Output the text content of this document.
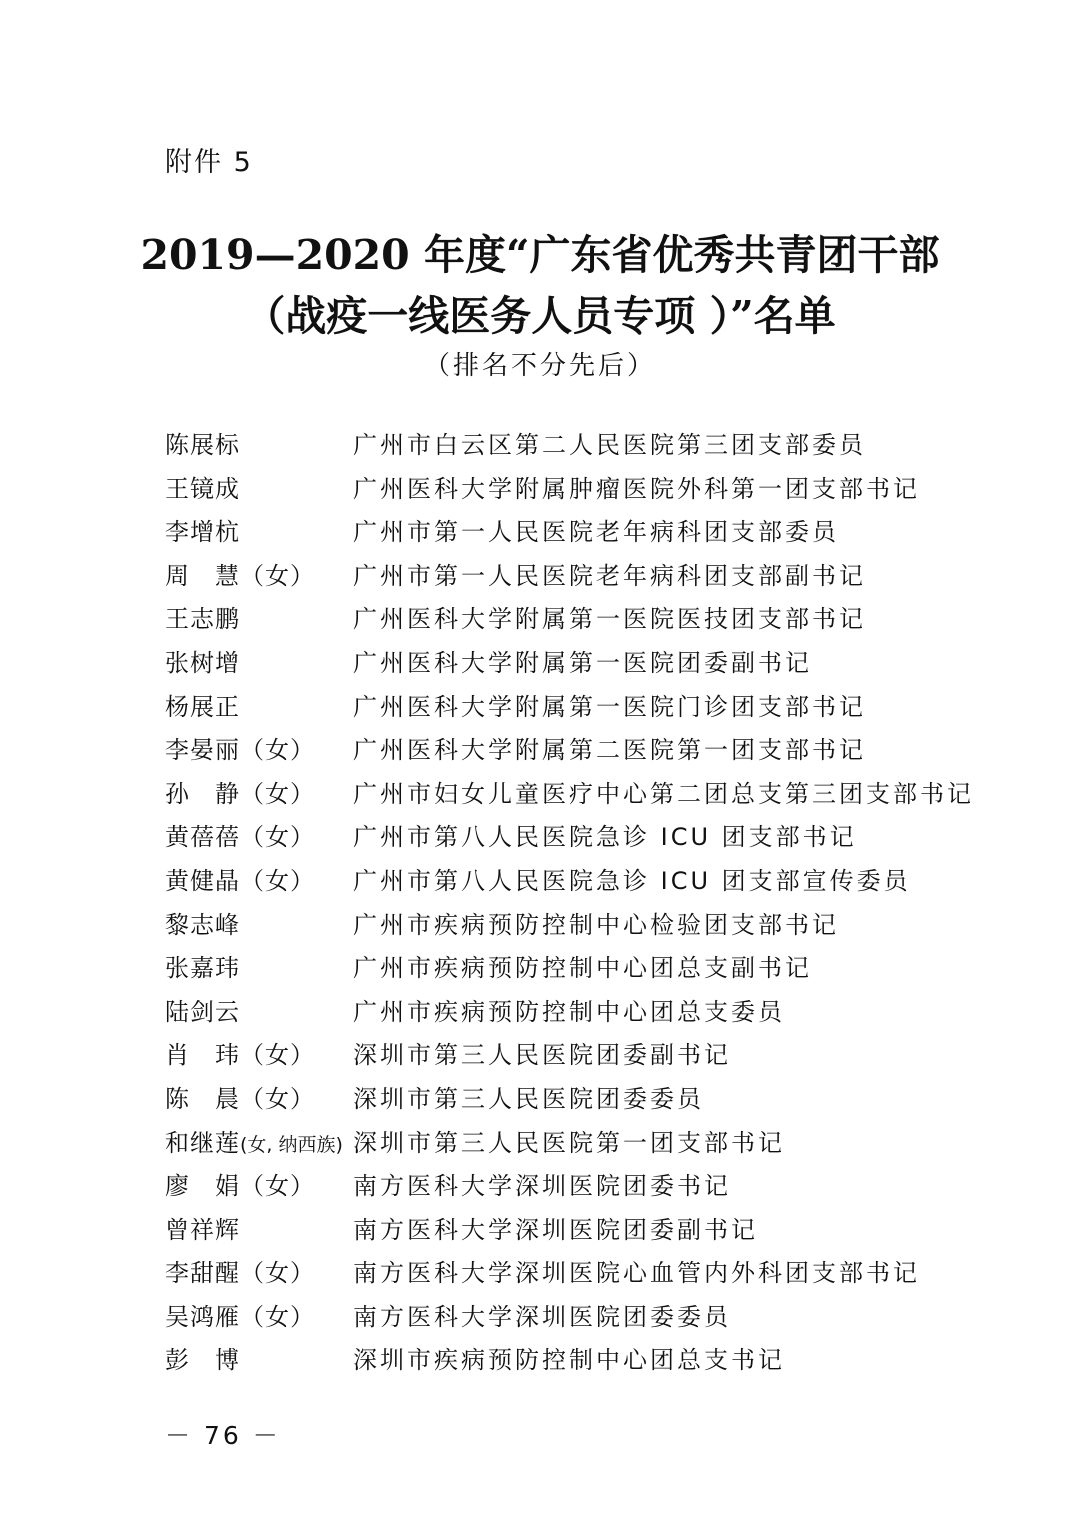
附件 5
2019—2020 年度“广东省优秀共青团干部
（战疫一线医务人员专项 ）”名单
（排名不分先后）
陈展标	广州市白云区第二人民医院第三团支部委员
王镜成	广州医科大学附属肿瘤医院外科第一团支部书记
李增杭	广州市第一人民医院老年病科团支部委员
周　慧（女） 广州市第一人民医院老年病科团支部副书记
王志鹏	广州医科大学附属第一医院医技团支部书记
张树增	广州医科大学附属第一医院团委副书记
杨展正	广州医科大学附属第一医院门诊团支部书记
李晏丽（女） 广州医科大学附属第二医院第一团支部书记
孙　静（女） 广州市妇女儿童医疗中心第二团总支第三团支部书记
黄蓓蓓（女） 广州市第八人民医院急诊 ICU 团支部书记
黄健晶（女） 广州市第八人民医院急诊 ICU 团支部宣传委员
黎志峰	广州市疾病预防控制中心检验团支部书记
张嘉玮	广州市疾病预防控制中心团总支副书记
陆剑云	广州市疾病预防控制中心团总支委员
肖　玮（女） 深圳市第三人民医院团委副书记
陈　晨（女） 深圳市第三人民医院团委委员
和继莲(女, 纳西族) 深圳市第三人民医院第一团支部书记
廖　娟（女） 南方医科大学深圳医院团委书记
曾祥辉	南方医科大学深圳医院团委副书记
李甜醒（女） 南方医科大学深圳医院心血管内外科团支部书记
吴鸿雁（女） 南方医科大学深圳医院团委委员
彭　博	深圳市疾病预防控制中心团总支书记
－ 76 －
